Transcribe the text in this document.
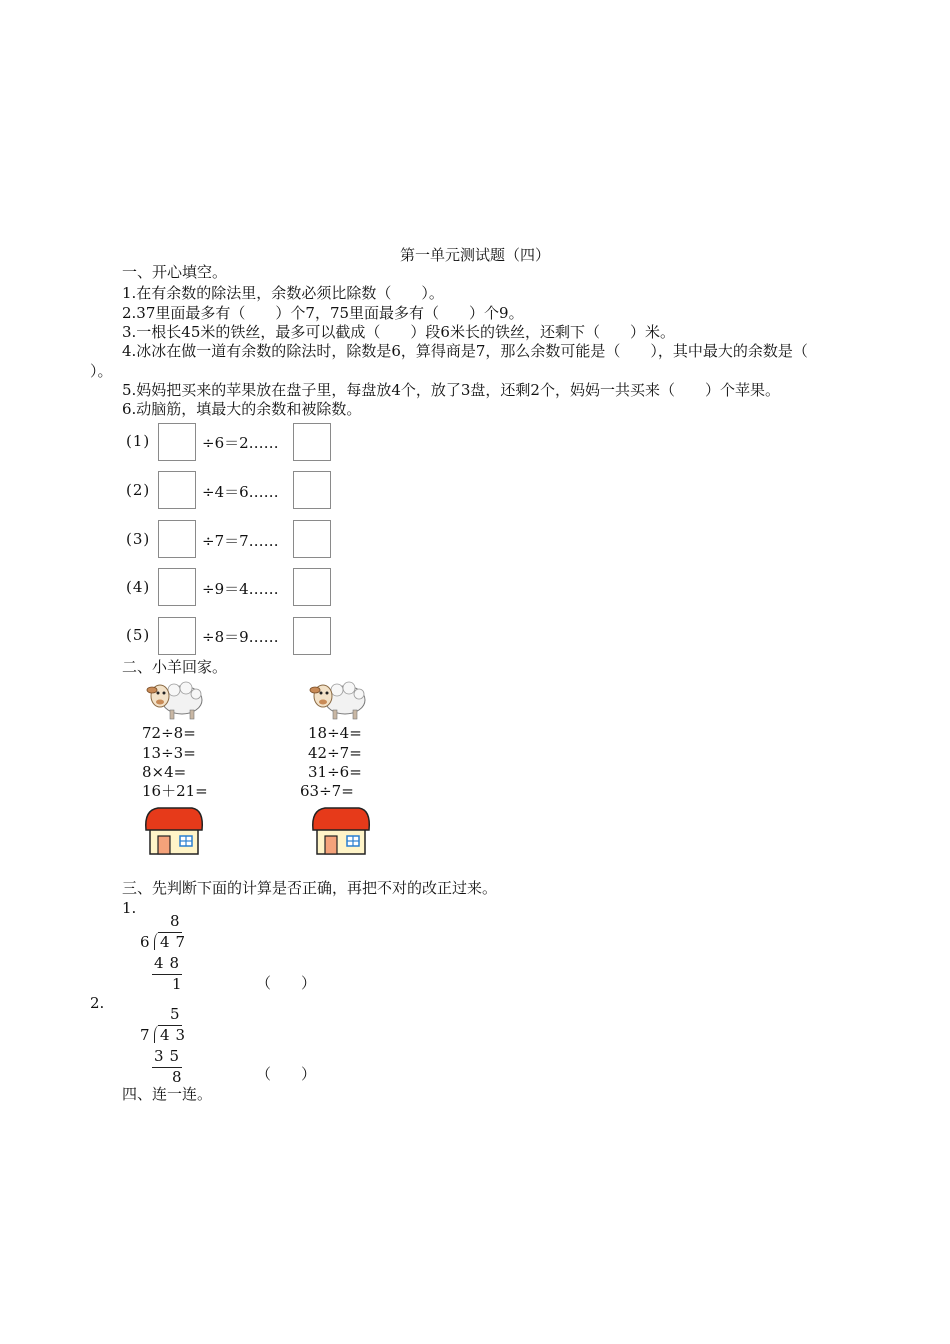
第一单元测试题（四）
一、开心填空。
1.在有余数的除法里，余数必须比除数（　　）。
2.37里面最多有（　　）个7，75里面最多有（　　）个9。
3.一根长45米的铁丝，最多可以截成（　　）段6米长的铁丝，还剩下（　　）米。
4.冰冰在做一道有余数的除法时，除数是6，算得商是7，那么余数可能是（　　），其中最大的余数是（
）。
5.妈妈把买来的苹果放在盘子里，每盘放4个，放了3盘，还剩2个，妈妈一共买来（　　）个苹果。
6.动脑筋，填最大的余数和被除数。
(1)	÷6＝2……
(2)	÷4＝6……
(3)	÷7＝7……
(4)	÷9＝4……
(5)	÷8＝9……
二、小羊回家。
72÷8=
13÷3=
8×4=
16＋21=
18÷4=
42÷7=
31÷6=
63÷7=
三、先判断下面的计算是否正确，再把不对的改正过来。
1.
8
6 47
48
1	（　　）
2.
5
7 43
35
8	（　　）
四、连一连。
